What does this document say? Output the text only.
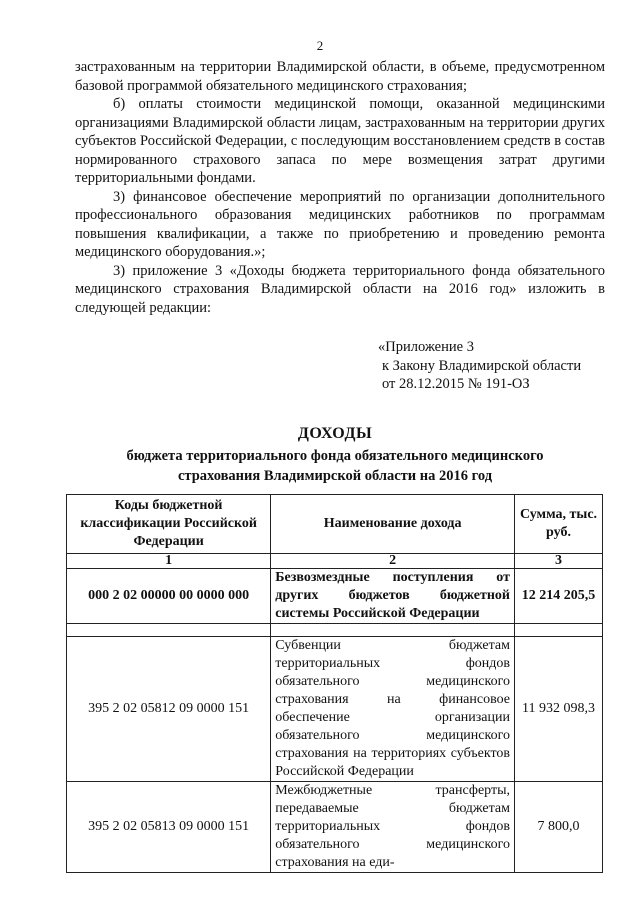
2

застрахованным на территории Владимирской области, в объеме, предусмотренном базовой программой обязательного медицинского страхования;

б) оплаты стоимости медицинской помощи, оказанной медицинскими организациями Владимирской области лицам, застрахованным на территории других субъектов Российской Федерации, с последующим восстановлением средств в состав нормированного страхового запаса по мере возмещения затрат другими территориальными фондами.

3) финансовое обеспечение мероприятий по организации дополнительного профессионального образования медицинских работников по программам повышения квалификации, а также по приобретению и проведению ремонта медицинского оборудования.»;

3) приложение 3 «Доходы бюджета территориального фонда обязательного медицинского страхования Владимирской области на 2016 год» изложить в следующей редакции:

«Приложение 3
к Закону Владимирской области
от 28.12.2015 № 191-ОЗ
ДОХОДЫ
бюджета территориального фонда обязательного медицинского
страхования Владимирской области на 2016 год
Коды бюджетной классификации Российской Федерации	Наименование дохода	Сумма, тыс. руб.
1	2	3
000 2 02 00000 00 0000 000	Безвозмездные поступления от других бюджетов бюджетной системы Российской Федерации	12 214 205,5

395 2 02 05812 09 0000 151	Субвенции бюджетам территориальных фондов обязательного медицинского страхования на финансовое обеспечение организации обязательного медицинского страхования на территориях субъектов Российской Федерации	11 932 098,3
395 2 02 05813 09 0000 151	Межбюджетные трансферты, передаваемые бюджетам территориальных фондов обязательного медицинского страхования на еди-	7 800,0
